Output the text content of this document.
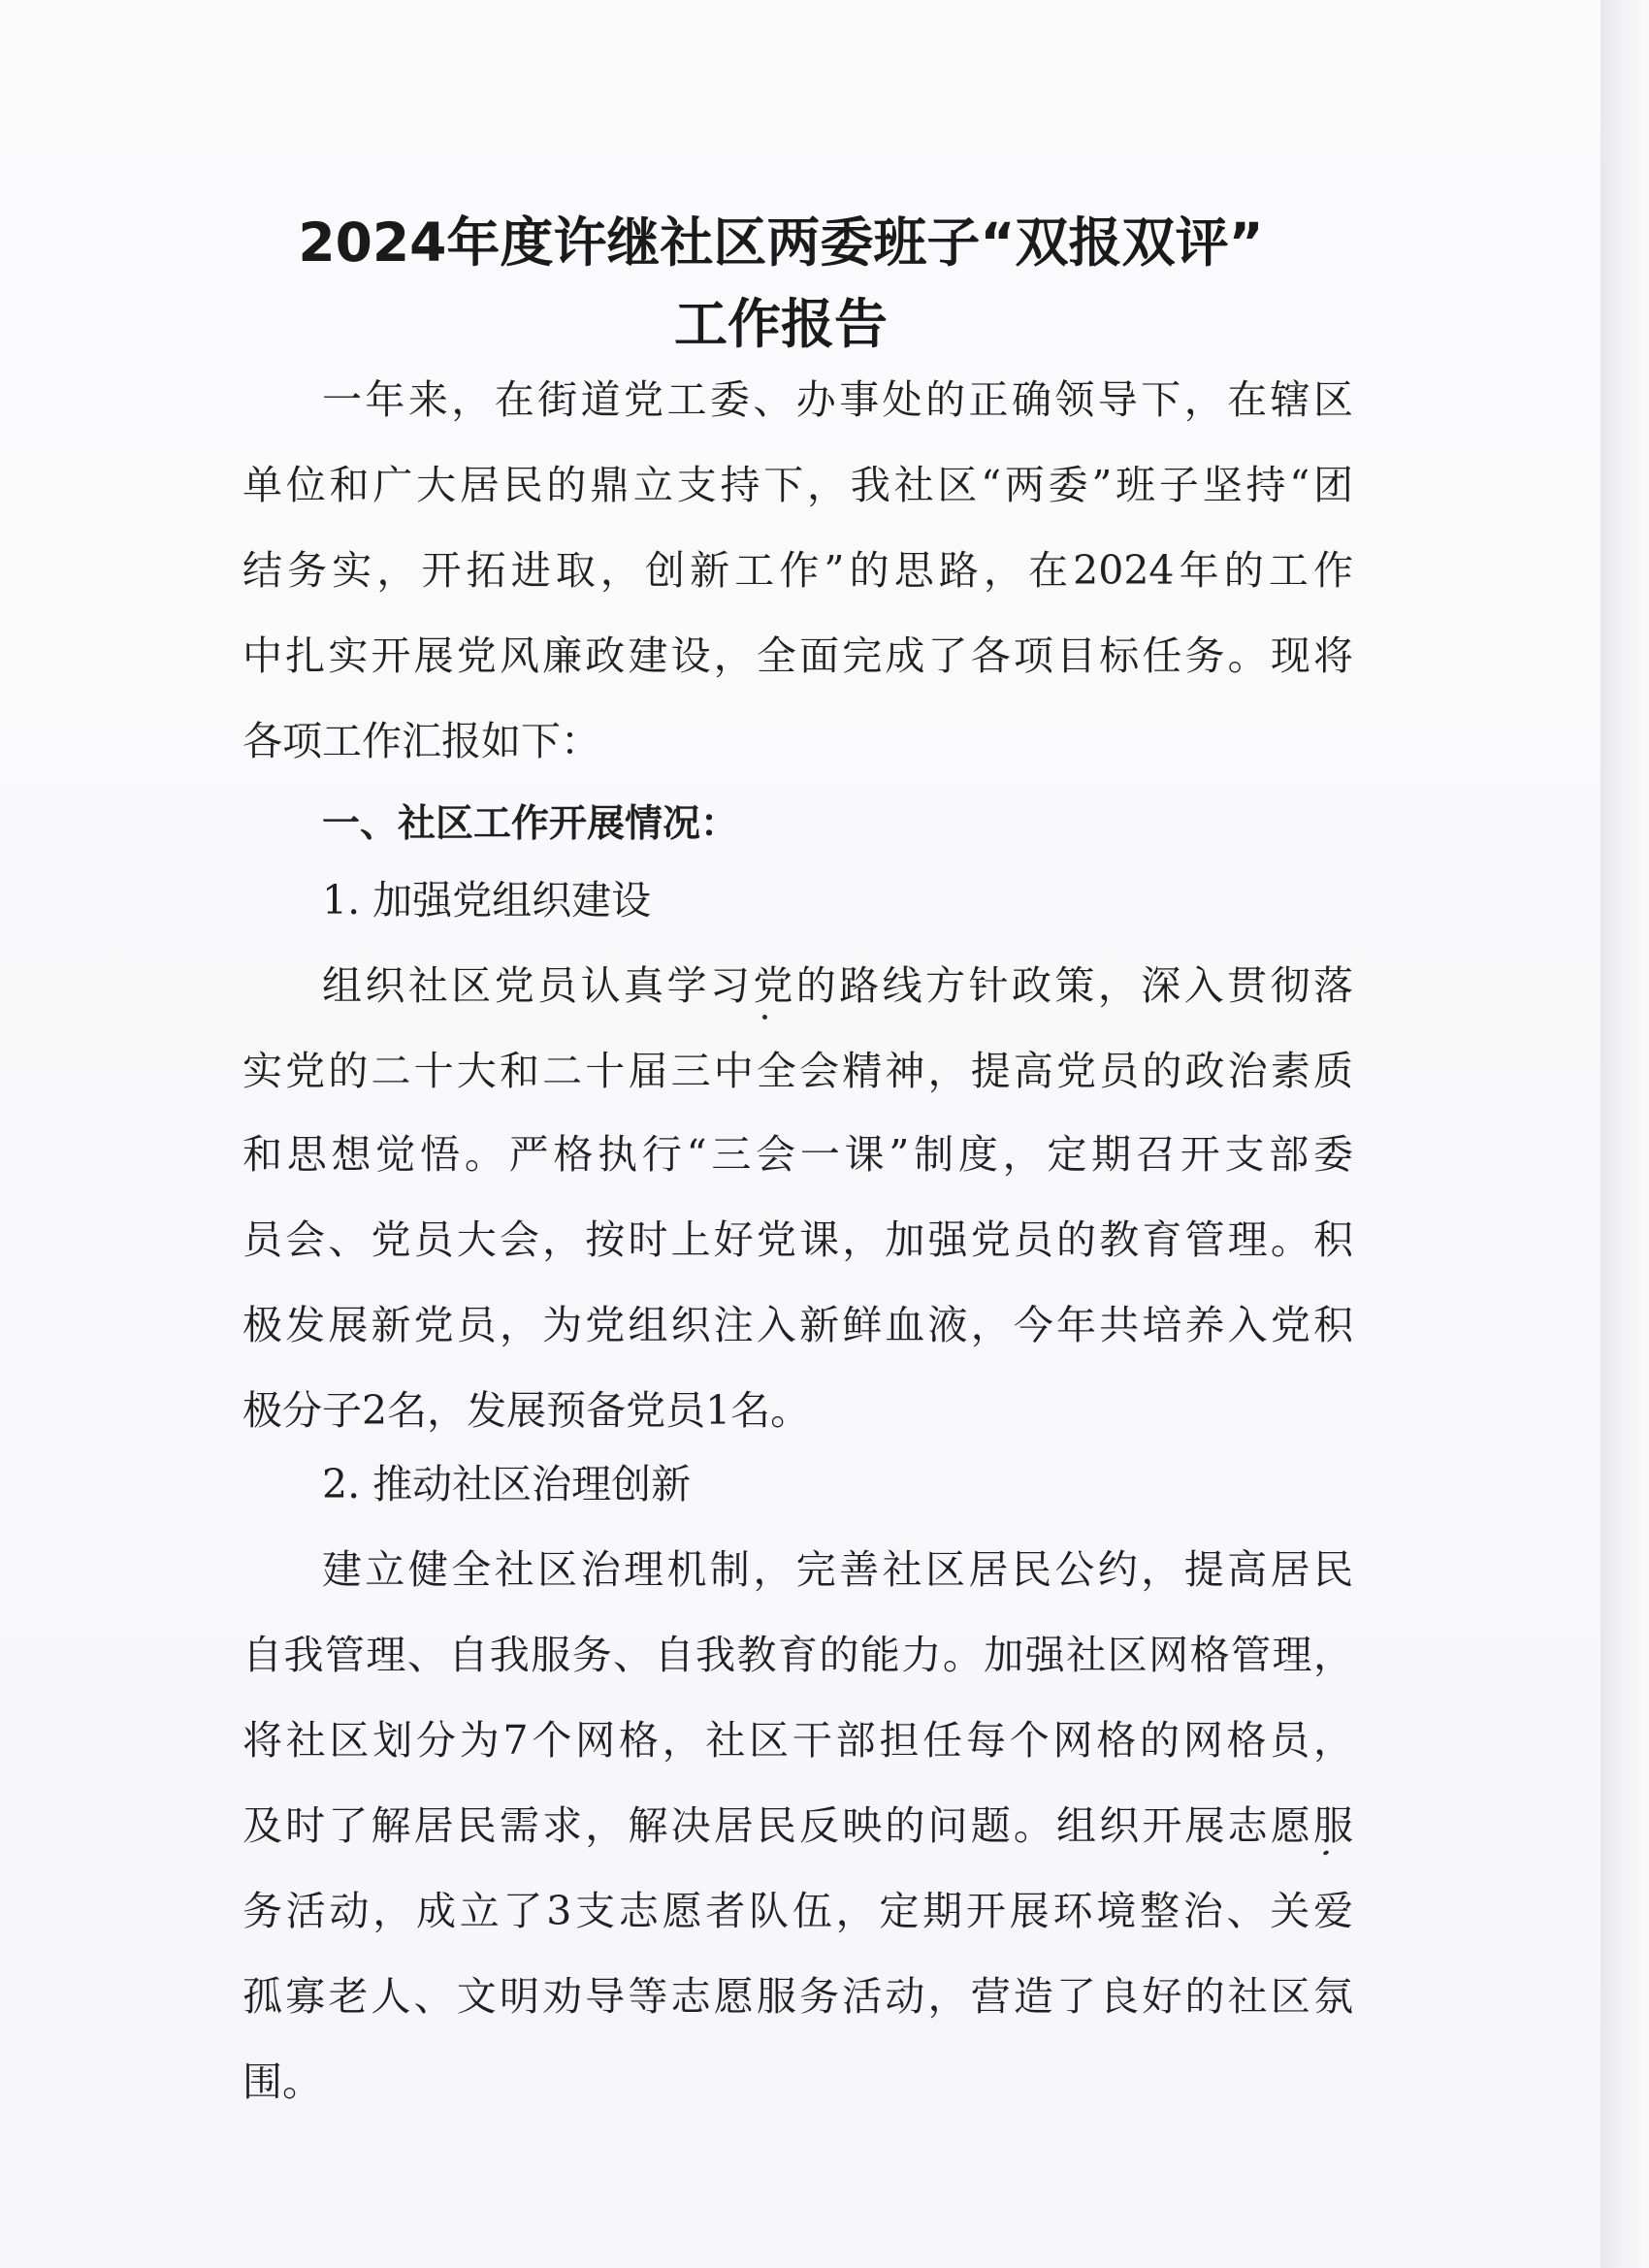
2024年度许继社区两委班子“双报双评”
工作报告
一年来，在街道党工委、办事处的正确领导下，在辖区
单位和广大居民的鼎立支持下，我社区“两委”班子坚持“团
结务实，开拓进取，创新工作”的思路，在2024年的工作
中扎实开展党风廉政建设，全面完成了各项目标任务。现将
各项工作汇报如下：
一、社区工作开展情况：
1. 加强党组织建设
组织社区党员认真学习党的路线方针政策，深入贯彻落
实党的二十大和二十届三中全会精神，提高党员的政治素质
和思想觉悟。严格执行“三会一课”制度，定期召开支部委
员会、党员大会，按时上好党课，加强党员的教育管理。积
极发展新党员，为党组织注入新鲜血液，今年共培养入党积
极分子2名，发展预备党员1名。
2. 推动社区治理创新
建立健全社区治理机制，完善社区居民公约，提高居民
自我管理、自我服务、自我教育的能力。加强社区网格管理，
将社区划分为7个网格，社区干部担任每个网格的网格员，
及时了解居民需求，解决居民反映的问题。组织开展志愿服
务活动，成立了3支志愿者队伍，定期开展环境整治、关爱
孤寡老人、文明劝导等志愿服务活动，营造了良好的社区氛
围。
